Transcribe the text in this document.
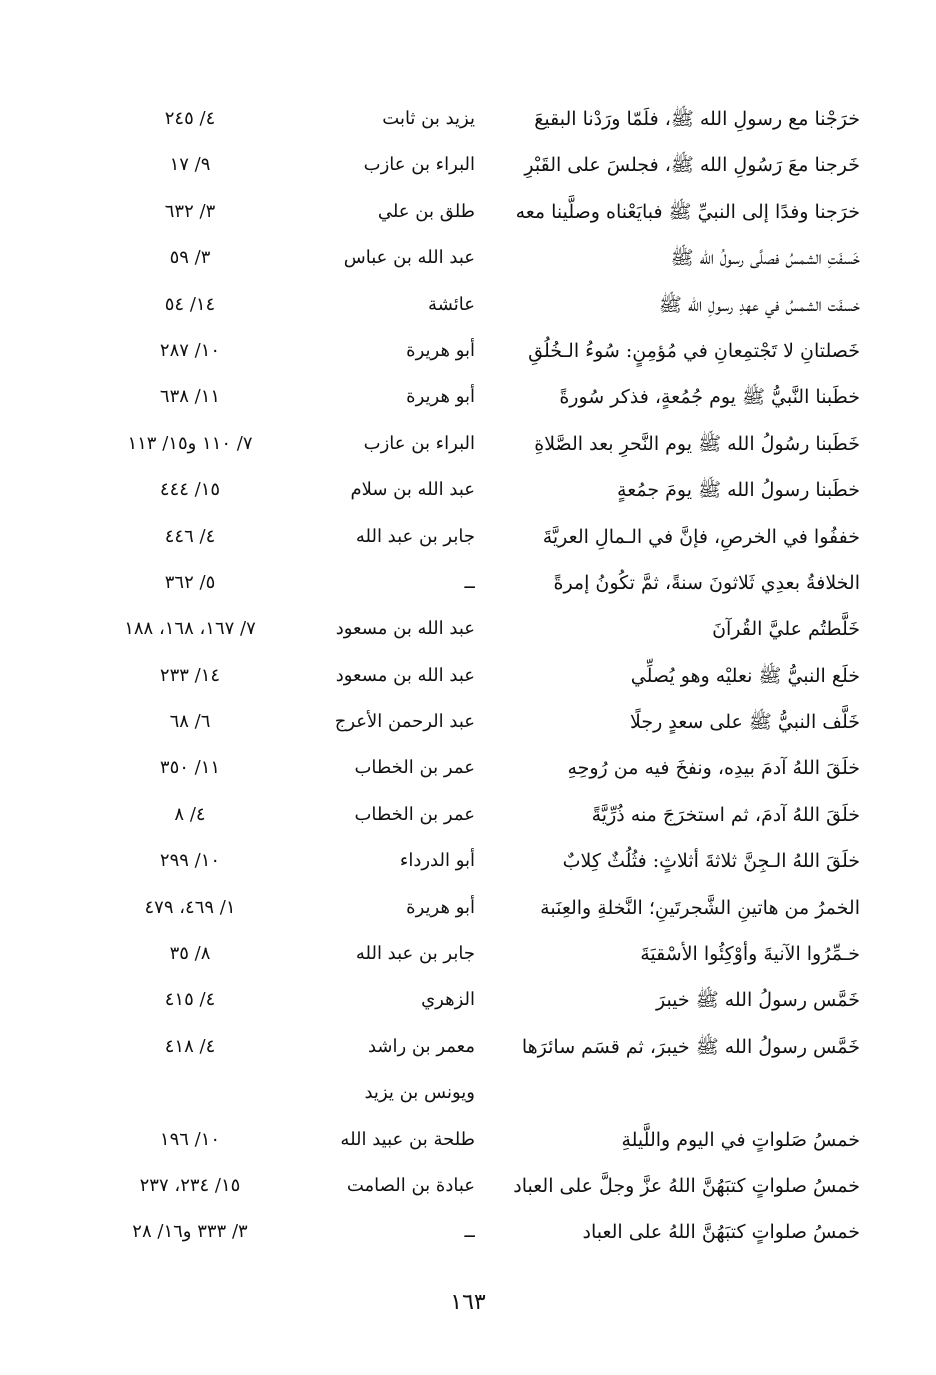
خرَجْنا مع رسولِ الله ﷺ، فلَمّا ورَدْنا البقيعَ
يزيد بن ثابت
٤/ ٢٤٥
خَرجنا معَ رَسُولِ الله ﷺ، فجلسَ على القَبْرِ
البراء بن عازب
٩/ ١٧
خرَجنا وفدًا إلى النبيِّ ﷺ فبايَعْناه وصلَّينا معه
طلق بن علي
٣/ ٦٣٢
خَسفَتِ الشمسُ فصلَّى رسولُ الله ﷺ
عبد الله بن عباس
٣/ ٥٩
خسفَت الشمسُ في عهدِ رسولِ الله ﷺ
عائشة
١٤/ ٥٤
خَصلتانِ لا تَجْتمِعانِ في مُؤمِنٍ: سُوءُ الـخُلُقِ
أبو هريرة
١٠/ ٢٨٧
خطَبنا النَّبيُّ ﷺ يوم جُمُعةٍ، فذكر سُورةً
أبو هريرة
١١/ ٦٣٨
خَطَبنا رسُولُ الله ﷺ يوم النَّحرِ بعد الصَّلاةِ
البراء بن عازب
٧/ ١١٠ و١٥/ ١١٣
خطَبنا رسولُ الله ﷺ يومَ جمُعةٍ
عبد الله بن سلام
١٥/ ٤٤٤
خففُوا في الخرصِ، فإنَّ في الـمالِ العريَّةَ
جابر بن عبد الله
٤/ ٤٤٦
الخلافةُ بعدِي ثَلاثونَ سنةً، ثمَّ تكُونُ إمرةً
ــ
٥/ ٣٦٢
خَلَّطتُم عليَّ القُرآنَ
عبد الله بن مسعود
٧/ ١٦٧، ١٦٨، ١٨٨
خلَع النبيُّ ﷺ نعليْه وهو يُصلِّي
عبد الله بن مسعود
١٤/ ٢٣٣
خَلَّف النبيُّ ﷺ على سعدٍ رجلًا
عبد الرحمن الأعرج
٦/ ٦٨
خلَقَ اللهُ آدمَ بيدِه، ونفخَ فيه من رُوحِهِ
عمر بن الخطاب
١١/ ٣٥٠
خلَقَ اللهُ آدمَ، ثم استخرَجَ منه ذُرِّيَّةً
عمر بن الخطاب
٤/ ٨
خلَقَ اللهُ الـجِنَّ ثلاثةَ أثلاثٍ: فثُلُثٌ كِلابٌ
أبو الدرداء
١٠/ ٢٩٩
الخمرُ من هاتينِ الشَّجرتَينِ؛ النَّخلةِ والعِنَبة
أبو هريرة
١/ ٤٦٩، ٤٧٩
خـمِّرُوا الآنيةَ وأوْكِئُوا الأسْقيَةَ
جابر بن عبد الله
٨/ ٣٥
خَمَّس رسولُ الله ﷺ خيبرَ
الزهري
٤/ ٤١٥
خَمَّس رسولُ الله ﷺ خيبرَ، ثم قسَم سائرَها
معمر بن راشد
٤/ ٤١٨
ويونس بن يزيد
خمسُ صَلواتٍ في اليوم واللَّيلةِ
طلحة بن عبيد الله
١٠/ ١٩٦
خمسُ صلواتٍ كتبَهُنَّ اللهُ عزَّ وجلَّ على العباد
عبادة بن الصامت
١٥/ ٢٣٤، ٢٣٧
خمسُ صلواتٍ كتبَهُنَّ اللهُ على العباد
ــ
٣/ ٣٣٣ و١٦/ ٢٨
١٦٣
